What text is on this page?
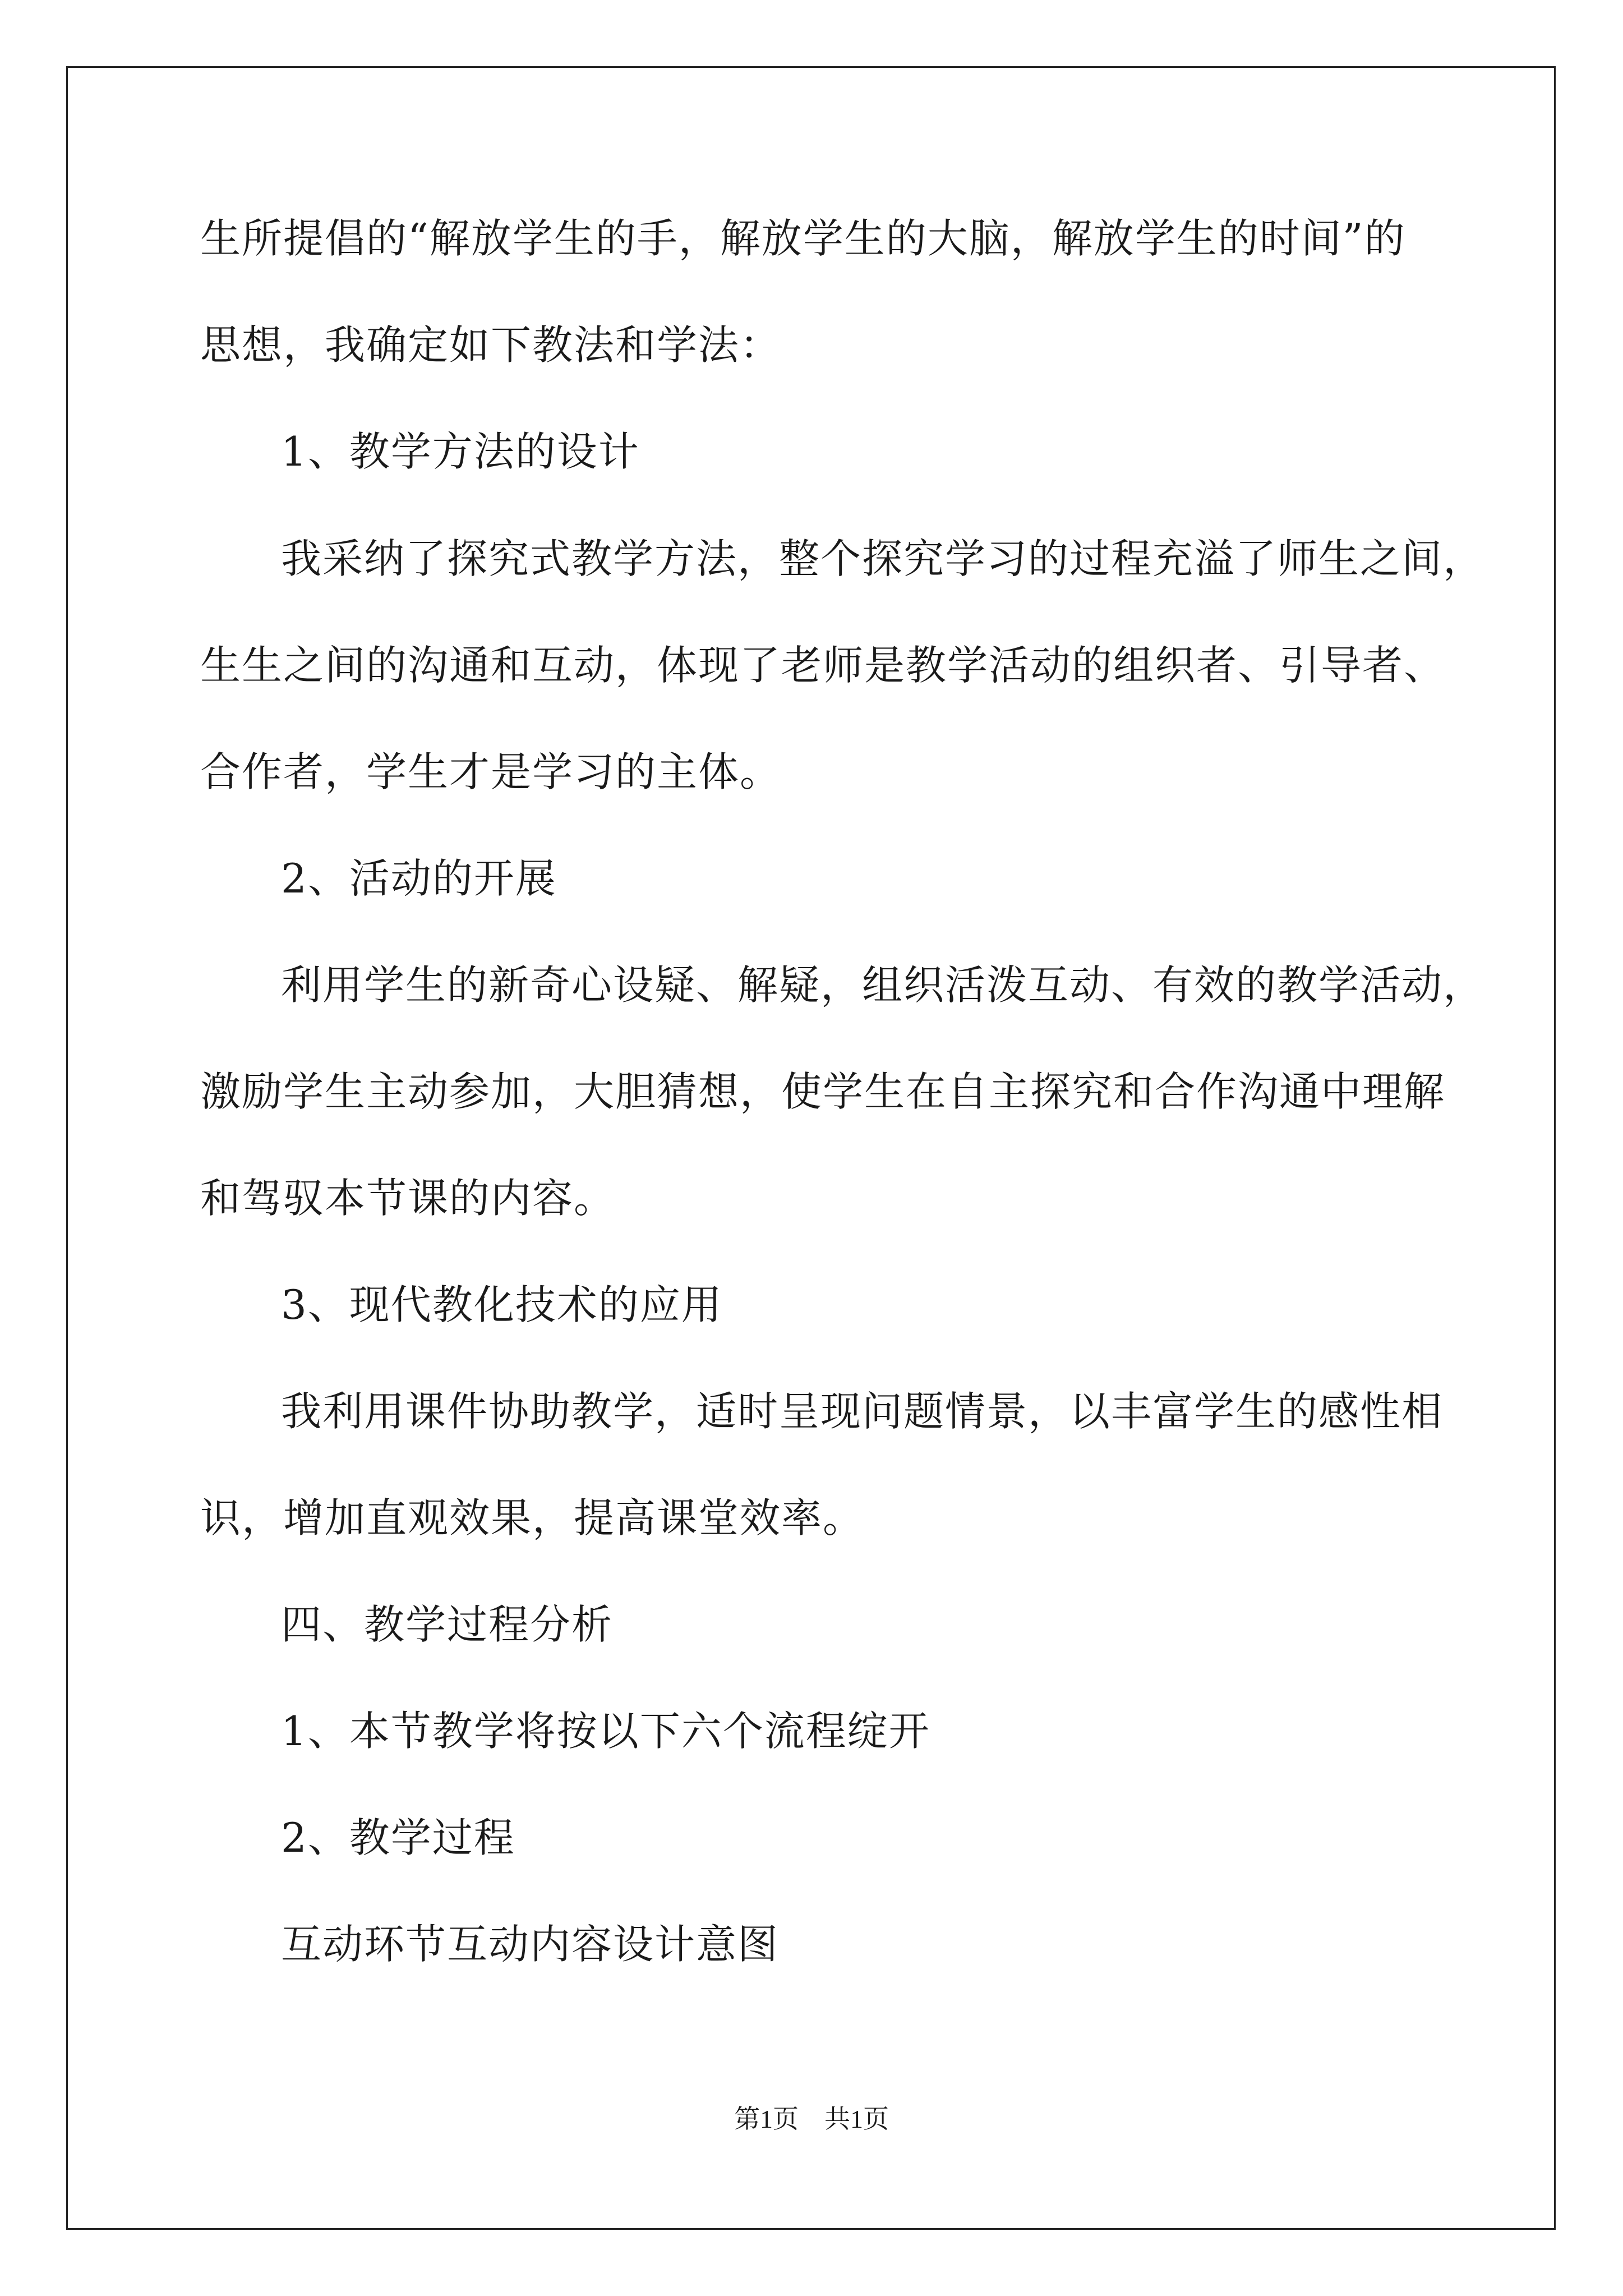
生所提倡的“解放学生的手，解放学生的大脑，解放学生的时间”的
思想，我确定如下教法和学法：
1、教学方法的设计
我采纳了探究式教学方法，整个探究学习的过程充溢了师生之间，
生生之间的沟通和互动，体现了老师是教学活动的组织者、引导者、
合作者，学生才是学习的主体。
2、活动的开展
利用学生的新奇心设疑、解疑，组织活泼互动、有效的教学活动，
激励学生主动参加，大胆猜想，使学生在自主探究和合作沟通中理解
和驾驭本节课的内容。
3、现代教化技术的应用
我利用课件协助教学，适时呈现问题情景，以丰富学生的感性相
识，增加直观效果，提高课堂效率。
四、教学过程分析
1、本节教学将按以下六个流程绽开
2、教学过程
互动环节互动内容设计意图
第1页 共1页
